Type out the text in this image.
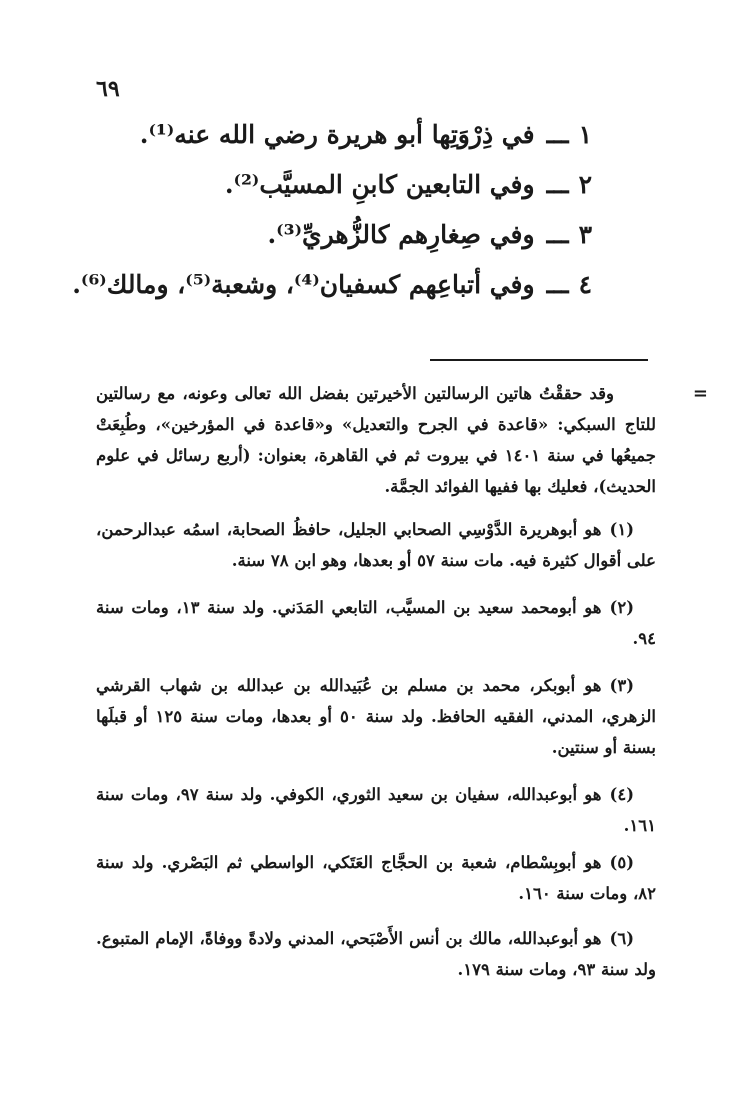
٦٩
١ـــفي ذِرْوَتِها أبو هريرة رضي الله عنه⁽¹⁾.
٢ـــوفي التابعين كابنِ المسيَّب⁽²⁾.
٣ـــوفي صِغارِهم كالزُّهريِّ⁽³⁾.
٤ـــوفي أتباعِهم كسفيان⁽⁴⁾، وشعبة⁽⁵⁾، ومالك⁽⁶⁾.

=
وقد حققْتُ هاتين الرسالتين الأخيرتين بفضل الله تعالى وعونه، مع رسالتين للتاج السبكي: «قاعدة في الجرح والتعديل» و«قاعدة في المؤرخين»، وطُبِعَتْ جميعُها في سنة ١٤٠١ في بيروت ثم في القاهرة، بعنوان: (أربع رسائل في علوم الحديث)، فعليك بها ففيها الفوائد الجمَّة.

(١)هو أبوهريرة الدَّوْسِي الصحابي الجليل، حافظُ الصحابة، اسمُه عبدالرحمن، على أقوال كثيرة فيه. مات سنة ٥٧ أو بعدها، وهو ابن ٧٨ سنة.

(٢)هو أبومحمد سعيد بن المسيَّب، التابعي المَدَني. ولد سنة ١٣، ومات سنة ٩٤.

(٣)هو أبوبكر، محمد بن مسلم بن عُبَيدالله بن عبدالله بن شهاب القرشي الزهري، المدني، الفقيه الحافظ. ولد سنة ٥٠ أو بعدها، ومات سنة ١٢٥ أو قبلَها بسنة أو سنتين.

(٤)هو أبوعبدالله، سفيان بن سعيد الثوري، الكوفي. ولد سنة ٩٧، ومات سنة ١٦١.

(٥)هو أبوبِسْطام، شعبة بن الحجَّاج العَتَكي، الواسطي ثم البَصْري. ولد سنة ٨٢، ومات سنة ١٦٠.

(٦)هو أبوعبدالله، مالك بن أنس الأَصْبَحي، المدني ولادةً ووفاةً، الإمام المتبوع. ولد سنة ٩٣، ومات سنة ١٧٩.
